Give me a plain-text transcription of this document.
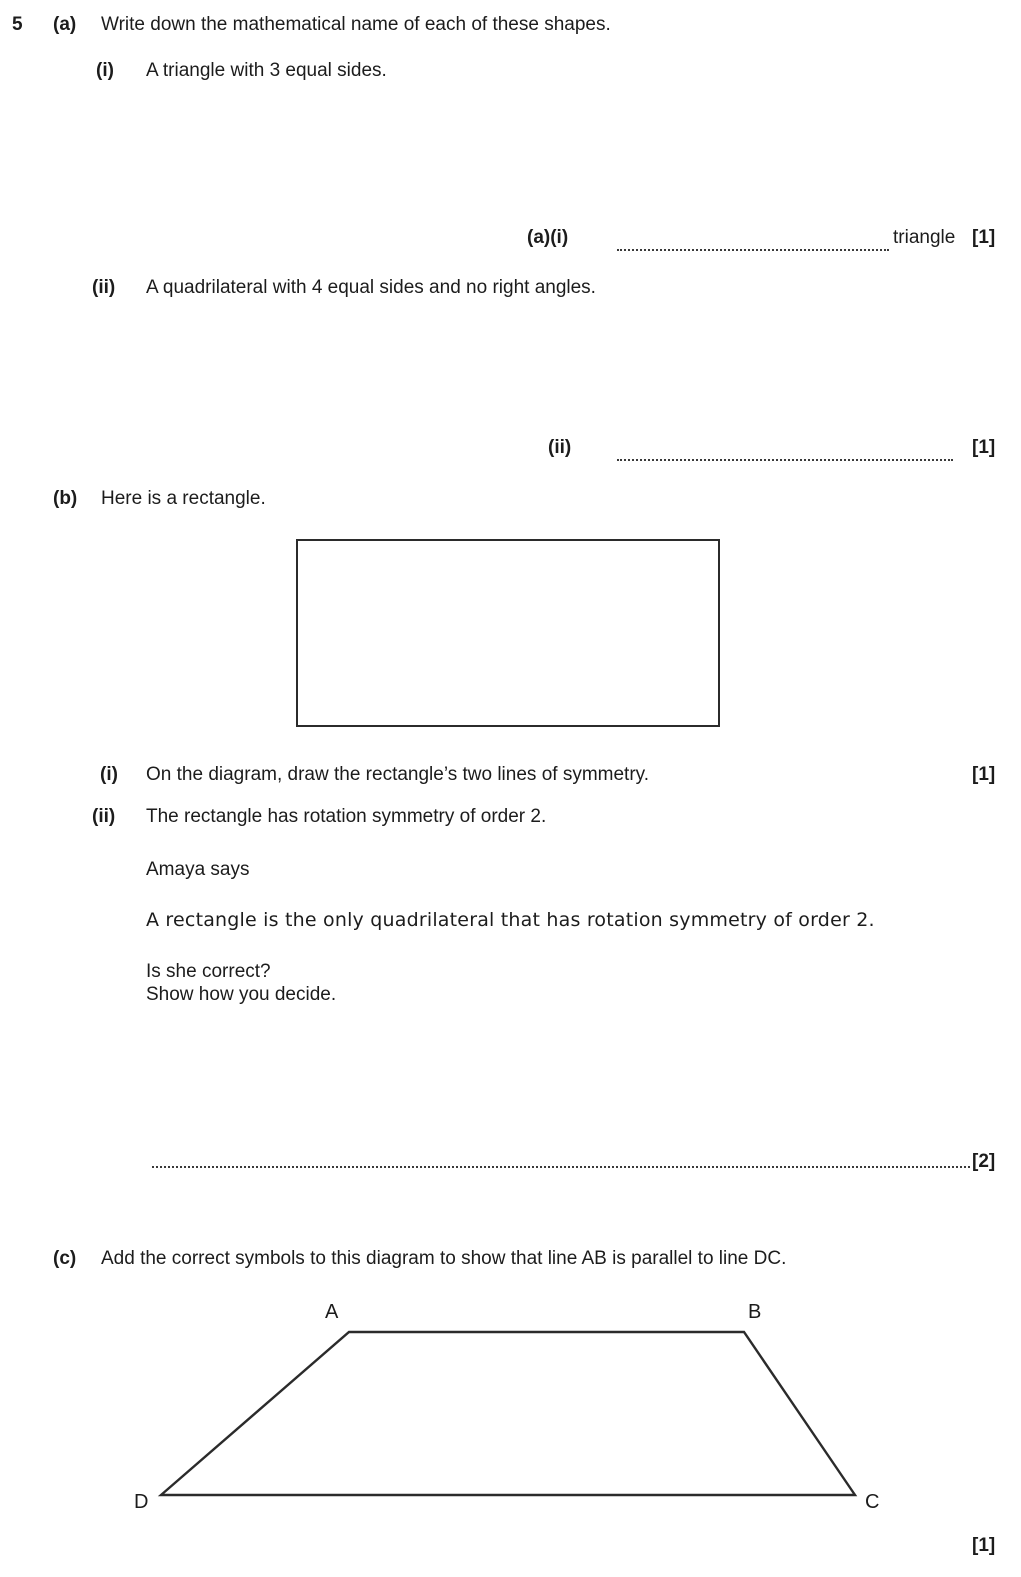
5 (a) Write down the mathematical name of each of these shapes.
(i) A triangle with 3 equal sides.
(a)(i)	triangle [1]
(ii) A quadrilateral with 4 equal sides and no right angles.
(ii)	[1]
(b) Here is a rectangle.
(i) On the diagram, draw the rectangle’s two lines of symmetry.	[1]
(ii) The rectangle has rotation symmetry of order 2.
Amaya says
A rectangle is the only quadrilateral that has rotation symmetry of order 2.
Is she correct?
Show how you decide.
[2]
(c) Add the correct symbols to this diagram to show that line AB is parallel to line DC.
A	B
C
D
[1]
